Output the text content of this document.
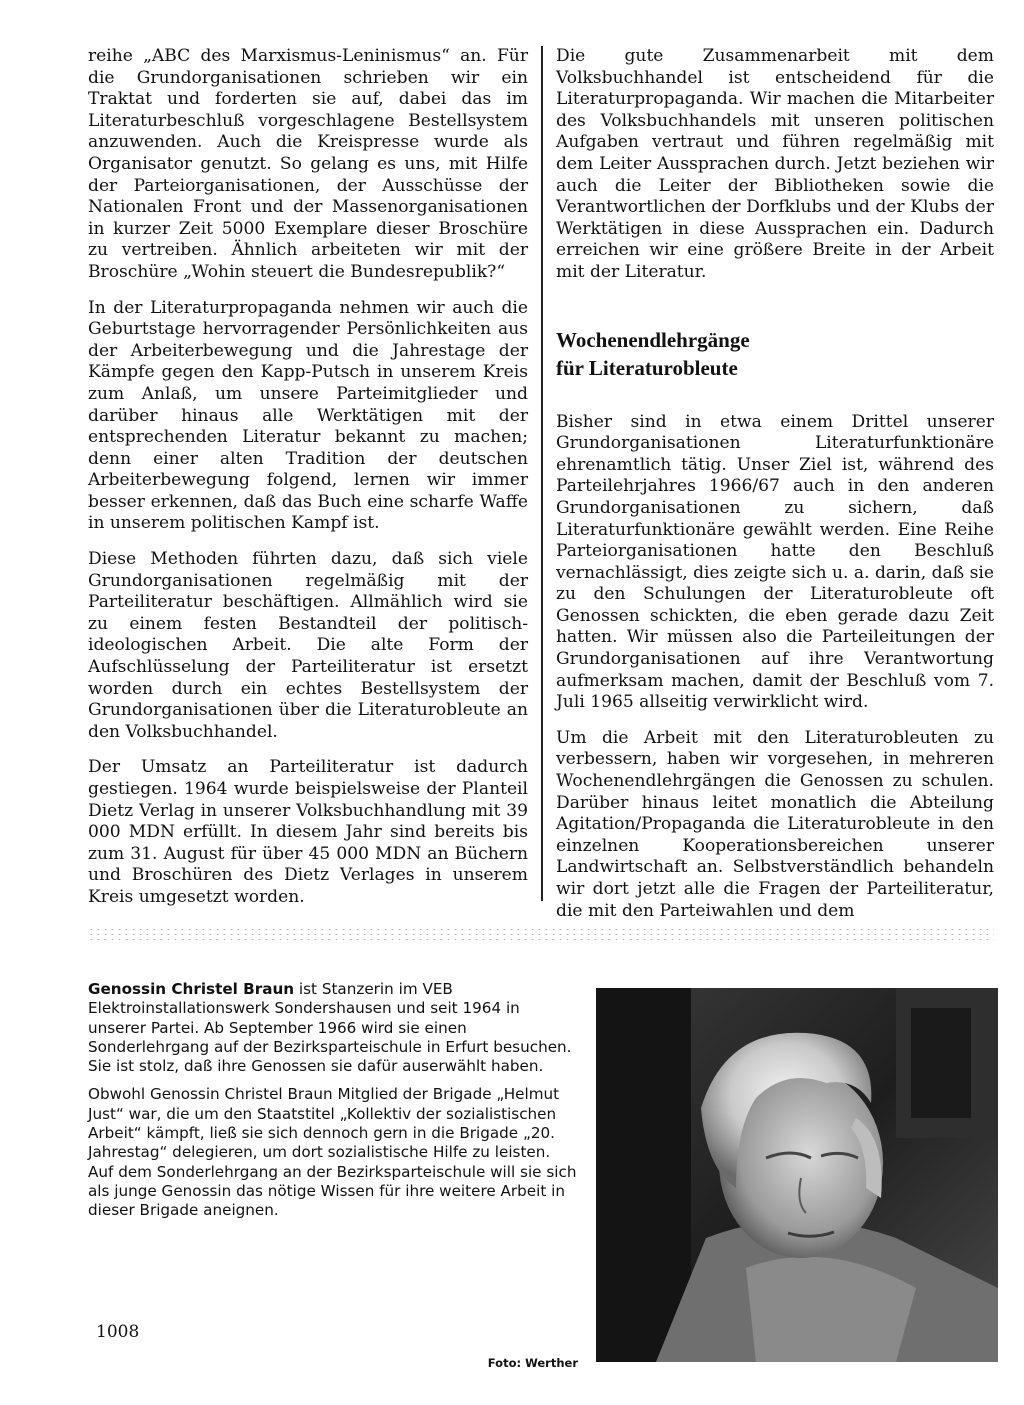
reihe „ABC des Marxismus-Leninismus“ an. Für die Grundorganisationen schrieben wir ein Traktat und forderten sie auf, dabei das im Literaturbeschluß vorgeschlagene Bestellsystem anzuwenden. Auch die Kreispresse wurde als Organisator genutzt. So gelang es uns, mit Hilfe der Parteiorganisationen, der Ausschüsse der Nationalen Front und der Massenorganisationen in kurzer Zeit 5000 Exemplare dieser Broschüre zu vertreiben. Ähnlich arbeiteten wir mit der Broschüre „Wohin steuert die Bundesrepublik?“

In der Literaturpropaganda nehmen wir auch die Geburtstage hervorragender Persönlichkeiten aus der Arbeiterbewegung und die Jahrestage der Kämpfe gegen den Kapp-Putsch in unserem Kreis zum Anlaß, um unsere Parteimitglieder und darüber hinaus alle Werktätigen mit der entsprechenden Literatur bekannt zu machen; denn einer alten Tradition der deutschen Arbeiterbewegung folgend, lernen wir immer besser erkennen, daß das Buch eine scharfe Waffe in unserem politischen Kampf ist.

Diese Methoden führten dazu, daß sich viele Grundorganisationen regelmäßig mit der Parteiliteratur beschäftigen. Allmählich wird sie zu einem festen Bestandteil der politisch-ideologischen Arbeit. Die alte Form der Aufschlüsselung der Parteiliteratur ist ersetzt worden durch ein echtes Bestellsystem der Grundorganisationen über die Literaturobleute an den Volksbuchhandel.

Der Umsatz an Parteiliteratur ist dadurch gestiegen. 1964 wurde beispielsweise der Planteil Dietz Verlag in unserer Volksbuchhandlung mit 39 000 MDN erfüllt. In diesem Jahr sind bereits bis zum 31. August für über 45 000 MDN an Büchern und Broschüren des Dietz Verlages in unserem Kreis umgesetzt worden.

Die gute Zusammenarbeit mit dem Volksbuchhandel ist entscheidend für die Literaturpropaganda. Wir machen die Mitarbeiter des Volksbuchhandels mit unseren politischen Aufgaben vertraut und führen regelmäßig mit dem Leiter Aussprachen durch. Jetzt beziehen wir auch die Leiter der Bibliotheken sowie die Verantwortlichen der Dorfklubs und der Klubs der Werktätigen in diese Aussprachen ein. Dadurch erreichen wir eine größere Breite in der Arbeit mit der Literatur.

Wochenendlehrgänge
für Literaturobleute

Bisher sind in etwa einem Drittel unserer Grundorganisationen Literaturfunktionäre ehrenamtlich tätig. Unser Ziel ist, während des Parteilehrjahres 1966/67 auch in den anderen Grundorganisationen zu sichern, daß Literaturfunktionäre gewählt werden. Eine Reihe Parteiorganisationen hatte den Beschluß vernachlässigt, dies zeigte sich u. a. darin, daß sie zu den Schulungen der Literaturobleute oft Genossen schickten, die eben gerade dazu Zeit hatten. Wir müssen also die Parteileitungen der Grundorganisationen auf ihre Verantwortung aufmerksam machen, damit der Beschluß vom 7. Juli 1965 allseitig verwirklicht wird.

Um die Arbeit mit den Literaturobleuten zu verbessern, haben wir vorgesehen, in mehreren Wochenendlehrgängen die Genossen zu schulen. Darüber hinaus leitet monatlich die Abteilung Agitation/Propaganda die Literaturobleute in den einzelnen Kooperationsbereichen unserer Landwirtschaft an. Selbstverständlich behandeln wir dort jetzt alle die Fragen der Parteiliteratur, die mit den Parteiwahlen und dem

Genossin Christel Braun ist Stanzerin im VEB Elektroinstallationswerk Sondershausen und seit 1964 in unserer Partei. Ab September 1966 wird sie einen Sonderlehrgang auf der Bezirksparteischule in Erfurt besuchen. Sie ist stolz, daß ihre Genossen sie dafür auserwählt haben.

Obwohl Genossin Christel Braun Mitglied der Brigade „Helmut Just“ war, die um den Staatstitel „Kollektiv der sozialistischen Arbeit“ kämpft, ließ sie sich dennoch gern in die Brigade „20. Jahrestag“ delegieren, um dort sozialistische Hilfe zu leisten. Auf dem Sonderlehrgang an der Bezirksparteischule will sie sich als junge Genossin das nötige Wissen für ihre weitere Arbeit in dieser Brigade aneignen.

Foto: Werther
1008
